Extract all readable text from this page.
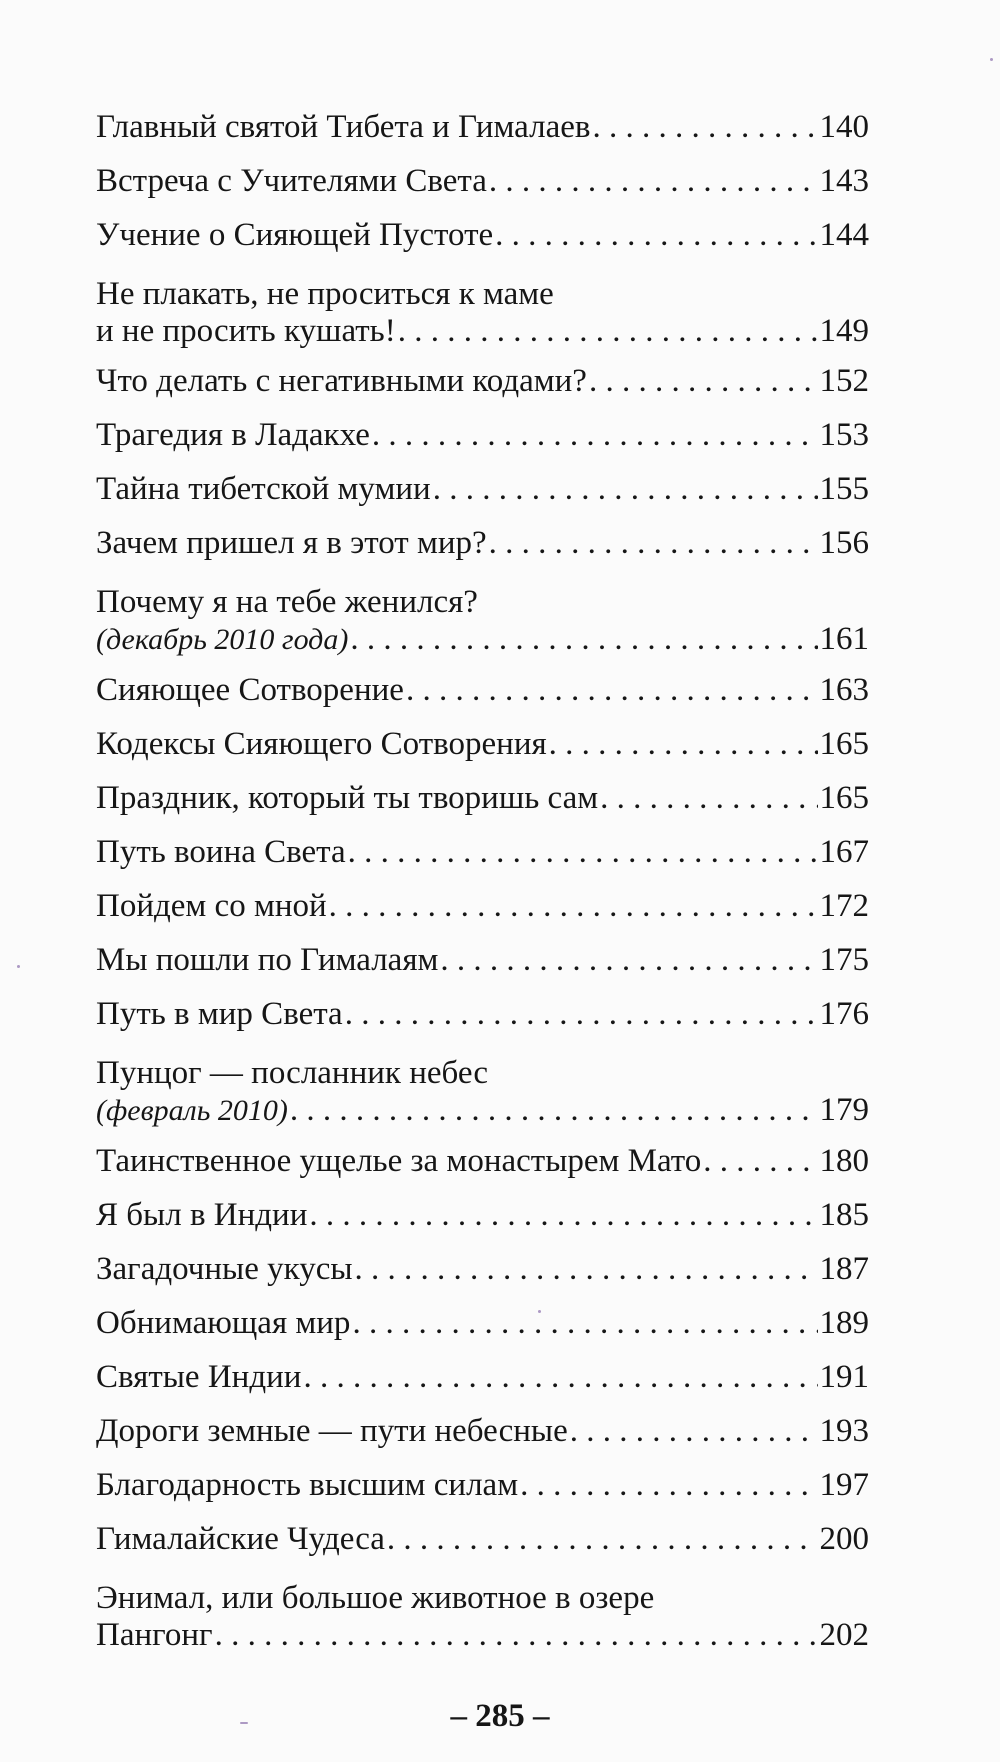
Главный святой Тибета и Гималаев . . .	140
Встреча с Учителями Света . . .	143
Учение о Сияющей Пустоте . . .	144
Не плакать, не проситься к маме
и не просить кушать! . . .	149
Что делать с негативными кодами? . . .	152
Трагедия в Ладакхе . . .	153
Тайна тибетской мумии . . .	155
Зачем пришел я в этот мир? . . .	156
Почему я на тебе женился?
(декабрь 2010 года) . . .	161
Сияющее Сотворение . . .	163
Кодексы Сияющего Сотворения . . .	165
Праздник, который ты творишь сам . . .	165
Путь воина Света . . .	167
Пойдем со мной . . .	172
Мы пошли по Гималаям . . .	175
Путь в мир Света . . .	176
Пунцог — посланник небес
(февраль 2010) . . .	179
Таинственное ущелье за монастырем Мато . . .	180
Я был в Индии . . .	185
Загадочные укусы . . .	187
Обнимающая мир . . .	189
Святые Индии . . .	191
Дороги земные — пути небесные . . .	193
Благодарность высшим силам . . .	197
Гималайские Чудеса . . .	200
Энимал, или большое животное в озере
Пангонг . . .	202
– 285 –
